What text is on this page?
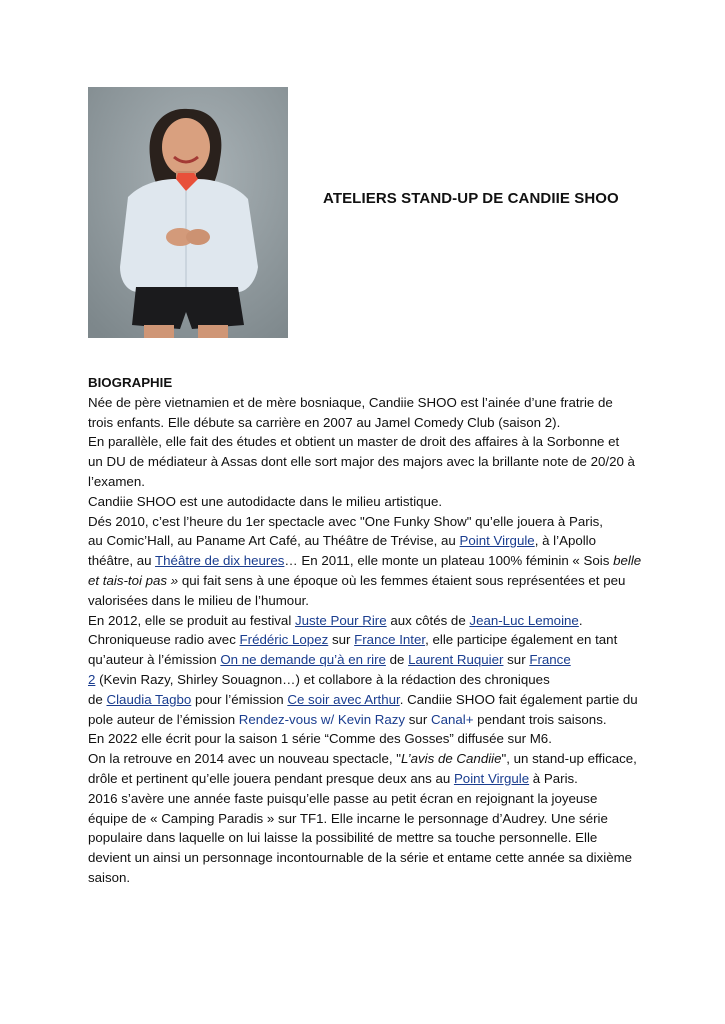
ATELIERS STAND-UP DE CANDIIE SHOO
BIOGRAPHIE
Née de père vietnamien et de mère bosniaque, Candiie SHOO est l’ainée d’une fratrie de
trois enfants. Elle débute sa carrière en 2007 au Jamel Comedy Club (saison 2).
En parallèle, elle fait des études et obtient un master de droit des affaires à la Sorbonne et
un DU de médiateur à Assas dont elle sort major des majors avec la brillante note de 20/20 à
l’examen.
Candiie SHOO est une autodidacte dans le milieu artistique.
Dés 2010, c’est l’heure du 1er spectacle avec "One Funky Show" qu’elle jouera à Paris,
au Comic’Hall, au Paname Art Café, au Théâtre de Trévise, au Point Virgule, à l’Apollo
théâtre, au Théâtre de dix heures… En 2011, elle monte un plateau 100% féminin « Sois belle
et tais-toi pas » qui fait sens à une époque où les femmes étaient sous représentées et peu
valorisées dans le milieu de l’humour.
En 2012, elle se produit au festival Juste Pour Rire aux côtés de Jean-Luc Lemoine.
Chroniqueuse radio avec Frédéric Lopez sur France Inter, elle participe également en tant
qu’auteur à l’émission On ne demande qu’à en rire de Laurent Ruquier sur France
2 (Kevin Razy, Shirley Souagnon…) et collabore à la rédaction des chroniques
de Claudia Tagbo pour l’émission Ce soir avec Arthur. Candiie SHOO fait également partie du
pole auteur de l’émission Rendez-vous w/ Kevin Razy sur Canal+ pendant trois saisons.
En 2022 elle écrit pour la saison 1 série “Comme des Gosses” diffusée sur M6.
On la retrouve en 2014 avec un nouveau spectacle, "L’avis de Candiie", un stand-up efficace,
drôle et pertinent qu’elle jouera pendant presque deux ans au Point Virgule à Paris.
2016 s’avère une année faste puisqu’elle passe au petit écran en rejoignant la joyeuse
équipe de « Camping Paradis » sur TF1. Elle incarne le personnage d’Audrey. Une série
populaire dans laquelle on lui laisse la possibilité de mettre sa touche personnelle. Elle
devient un ainsi un personnage incontournable de la série et entame cette année sa dixième
saison.
